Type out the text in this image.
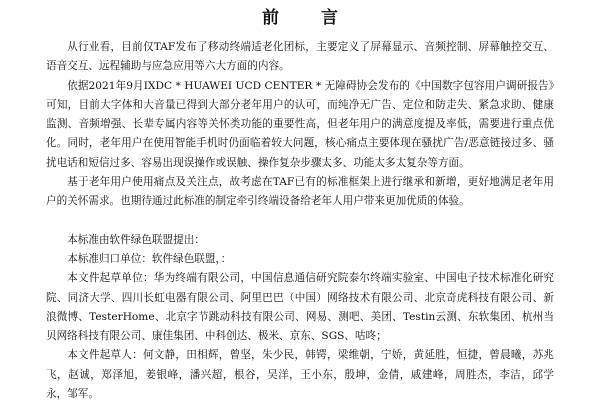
前 言

从行业看，目前仅TAF发布了移动终端适老化团标，主要定义了屏幕显示、音频控制、屏幕触控交互、语音交互、远程辅助与应急应用等六大方面的内容。

依据2021年9月IXDC * HUAWEI UCD CENTER * 无障碍协会发布的《中国数字包容用户调研报告》可知，目前大字体和大音量已得到大部分老年用户的认可，而纯净无广告、定位和防走失、紧急求助、健康监测、音频增强、长辈专属内容等关怀类功能的重要性高，但老年用户的满意度提及率低，需要进行重点优化。同时，老年用户在使用智能手机时仍面临着较大问题，核心痛点主要体现在骚扰广告/恶意链接过多、骚扰电话和短信过多、容易出现误操作或误触、操作复杂步骤太多、功能太多太复杂等方面。

基于老年用户使用痛点及关注点，故考虑在TAF已有的标准框架上进行继承和新增，更好地满足老年用户的关怀需求。也期待通过此标准的制定牵引终端设备给老年人用户带来更加优质的体验。

本标准由软件绿色联盟提出：

本标准归口单位：软件绿色联盟，：

本文件起草单位：华为终端有限公司，中国信息通信研究院泰尔终端实验室、中国电子技术标准化研究院、同济大学、四川长虹电器有限公司、阿里巴巴（中国）网络技术有限公司、北京奇虎科技有限公司、新浪微博、TesterHome、北京字节跳动科技有限公司、网易、测吧、美团、Testin云测、东软集团、杭州当贝网络科技有限公司、康佳集团、中科创达、极米、京东、SGS、咕咚；

本文件起草人：何文静，田相辉，曾坚，朱少民，韩锷，梁维朝，宁娇，黄延胜，恒捷，曾晨曦，苏兆飞，赵诚，郑泽旭，姜银峰，潘兴超，根谷，吴洋，王小东，殷坤，金倩，戚建峰，周胜杰，李洁，邱学永，邹军。
